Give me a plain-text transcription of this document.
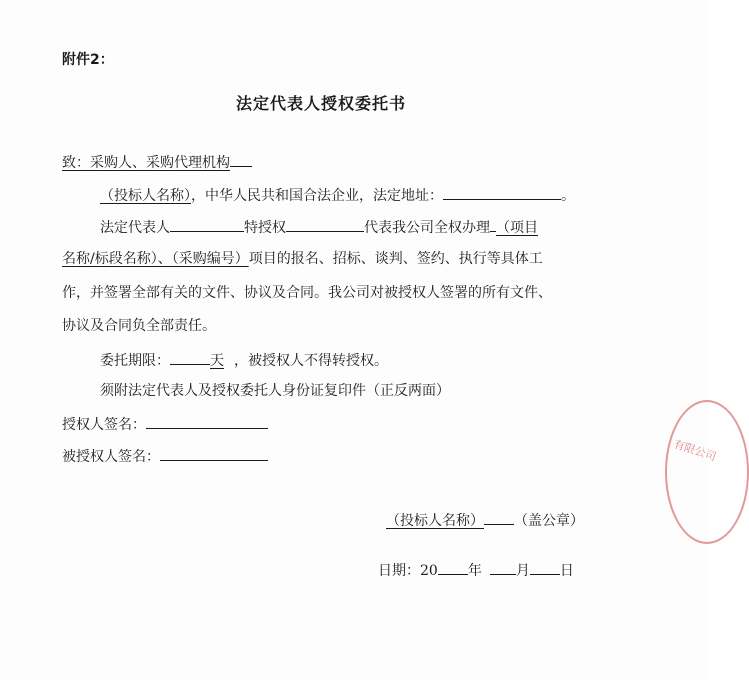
附件2：
法定代表人授权委托书
致：采购人、采购代理机构
（投标人名称），中华人民共和国合法企业，法定地址：	。
法定代表人	特授权	代表我公司全权办理 （项目
名称/标段名称）、（采购编号）项目的报名、招标、谈判、签约、执行等具体工
作，并签署全部有关的文件、协议及合同。我公司对被授权人签署的所有文件、
协议及合同负全部责任。
委托期限：	天 ，被授权人不得转授权。
须附法定代表人及授权委托人身份证复印件（正反两面）
授权人签名：
被授权人签名：
（投标人名称） （盖公章）
日期：20 年 月 日
有限公司
